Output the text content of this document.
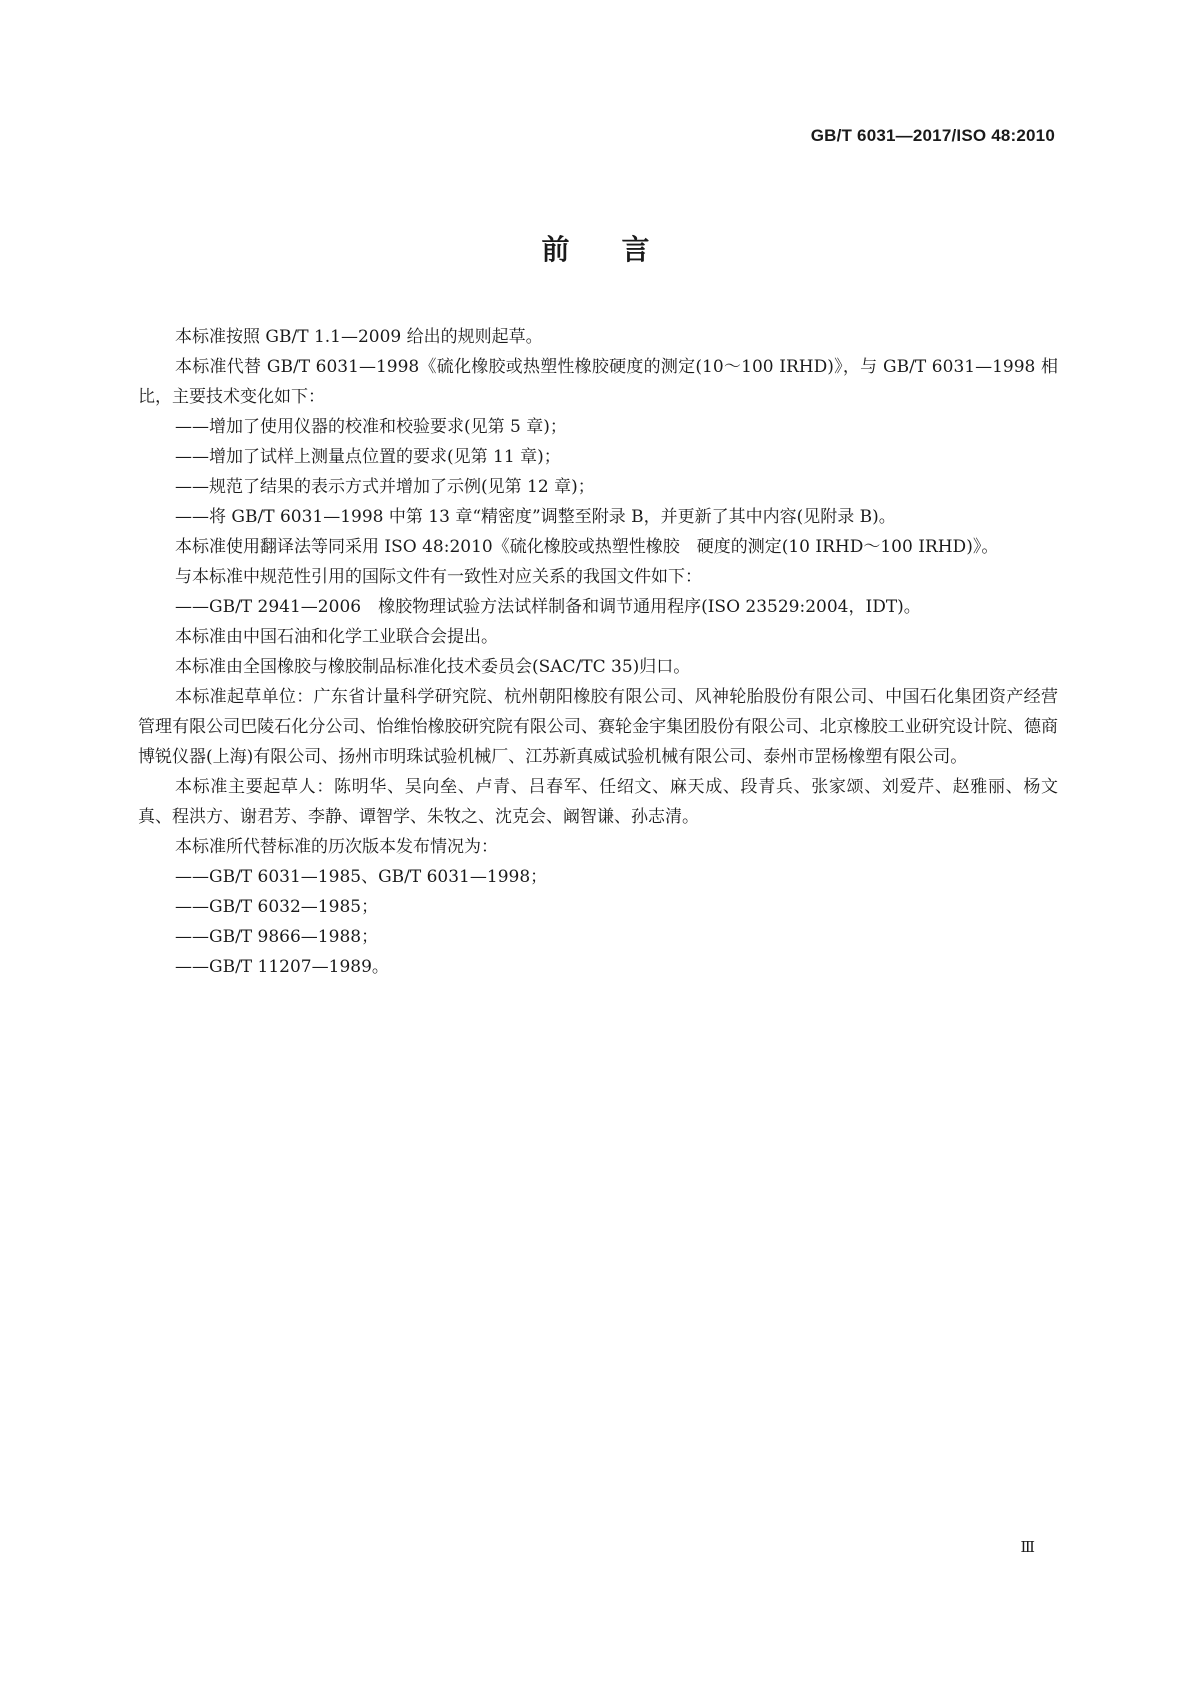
GB/T 6031—2017/ISO 48:2010
前言

本标准按照 GB/T 1.1—2009 给出的规则起草。

本标准代替 GB/T 6031—1998《硫化橡胶或热塑性橡胶硬度的测定(10～100 IRHD)》，与 GB/T 6031—1998 相比，主要技术变化如下：

——增加了使用仪器的校准和校验要求(见第 5 章)；

——增加了试样上测量点位置的要求(见第 11 章)；

——规范了结果的表示方式并增加了示例(见第 12 章)；

——将 GB/T 6031—1998 中第 13 章“精密度”调整至附录 B，并更新了其中内容(见附录 B)。

本标准使用翻译法等同采用 ISO 48:2010《硫化橡胶或热塑性橡胶　硬度的测定(10 IRHD～100 IRHD)》。

与本标准中规范性引用的国际文件有一致性对应关系的我国文件如下：

——GB/T 2941—2006　橡胶物理试验方法试样制备和调节通用程序(ISO 23529:2004，IDT)。

本标准由中国石油和化学工业联合会提出。

本标准由全国橡胶与橡胶制品标准化技术委员会(SAC/TC 35)归口。

本标准起草单位：广东省计量科学研究院、杭州朝阳橡胶有限公司、风神轮胎股份有限公司、中国石化集团资产经营管理有限公司巴陵石化分公司、怡维怡橡胶研究院有限公司、赛轮金宇集团股份有限公司、北京橡胶工业研究设计院、德商博锐仪器(上海)有限公司、扬州市明珠试验机械厂、江苏新真威试验机械有限公司、泰州市罡杨橡塑有限公司。

本标准主要起草人：陈明华、吴向垒、卢青、吕春军、任绍文、麻天成、段青兵、张家颂、刘爱芹、赵雅丽、杨文真、程洪方、谢君芳、李静、谭智学、朱牧之、沈克会、阚智谦、孙志清。

本标准所代替标准的历次版本发布情况为：

——GB/T 6031—1985、GB/T 6031—1998；

——GB/T 6032—1985；

——GB/T 9866—1988；

——GB/T 11207—1989。

Ⅲ
